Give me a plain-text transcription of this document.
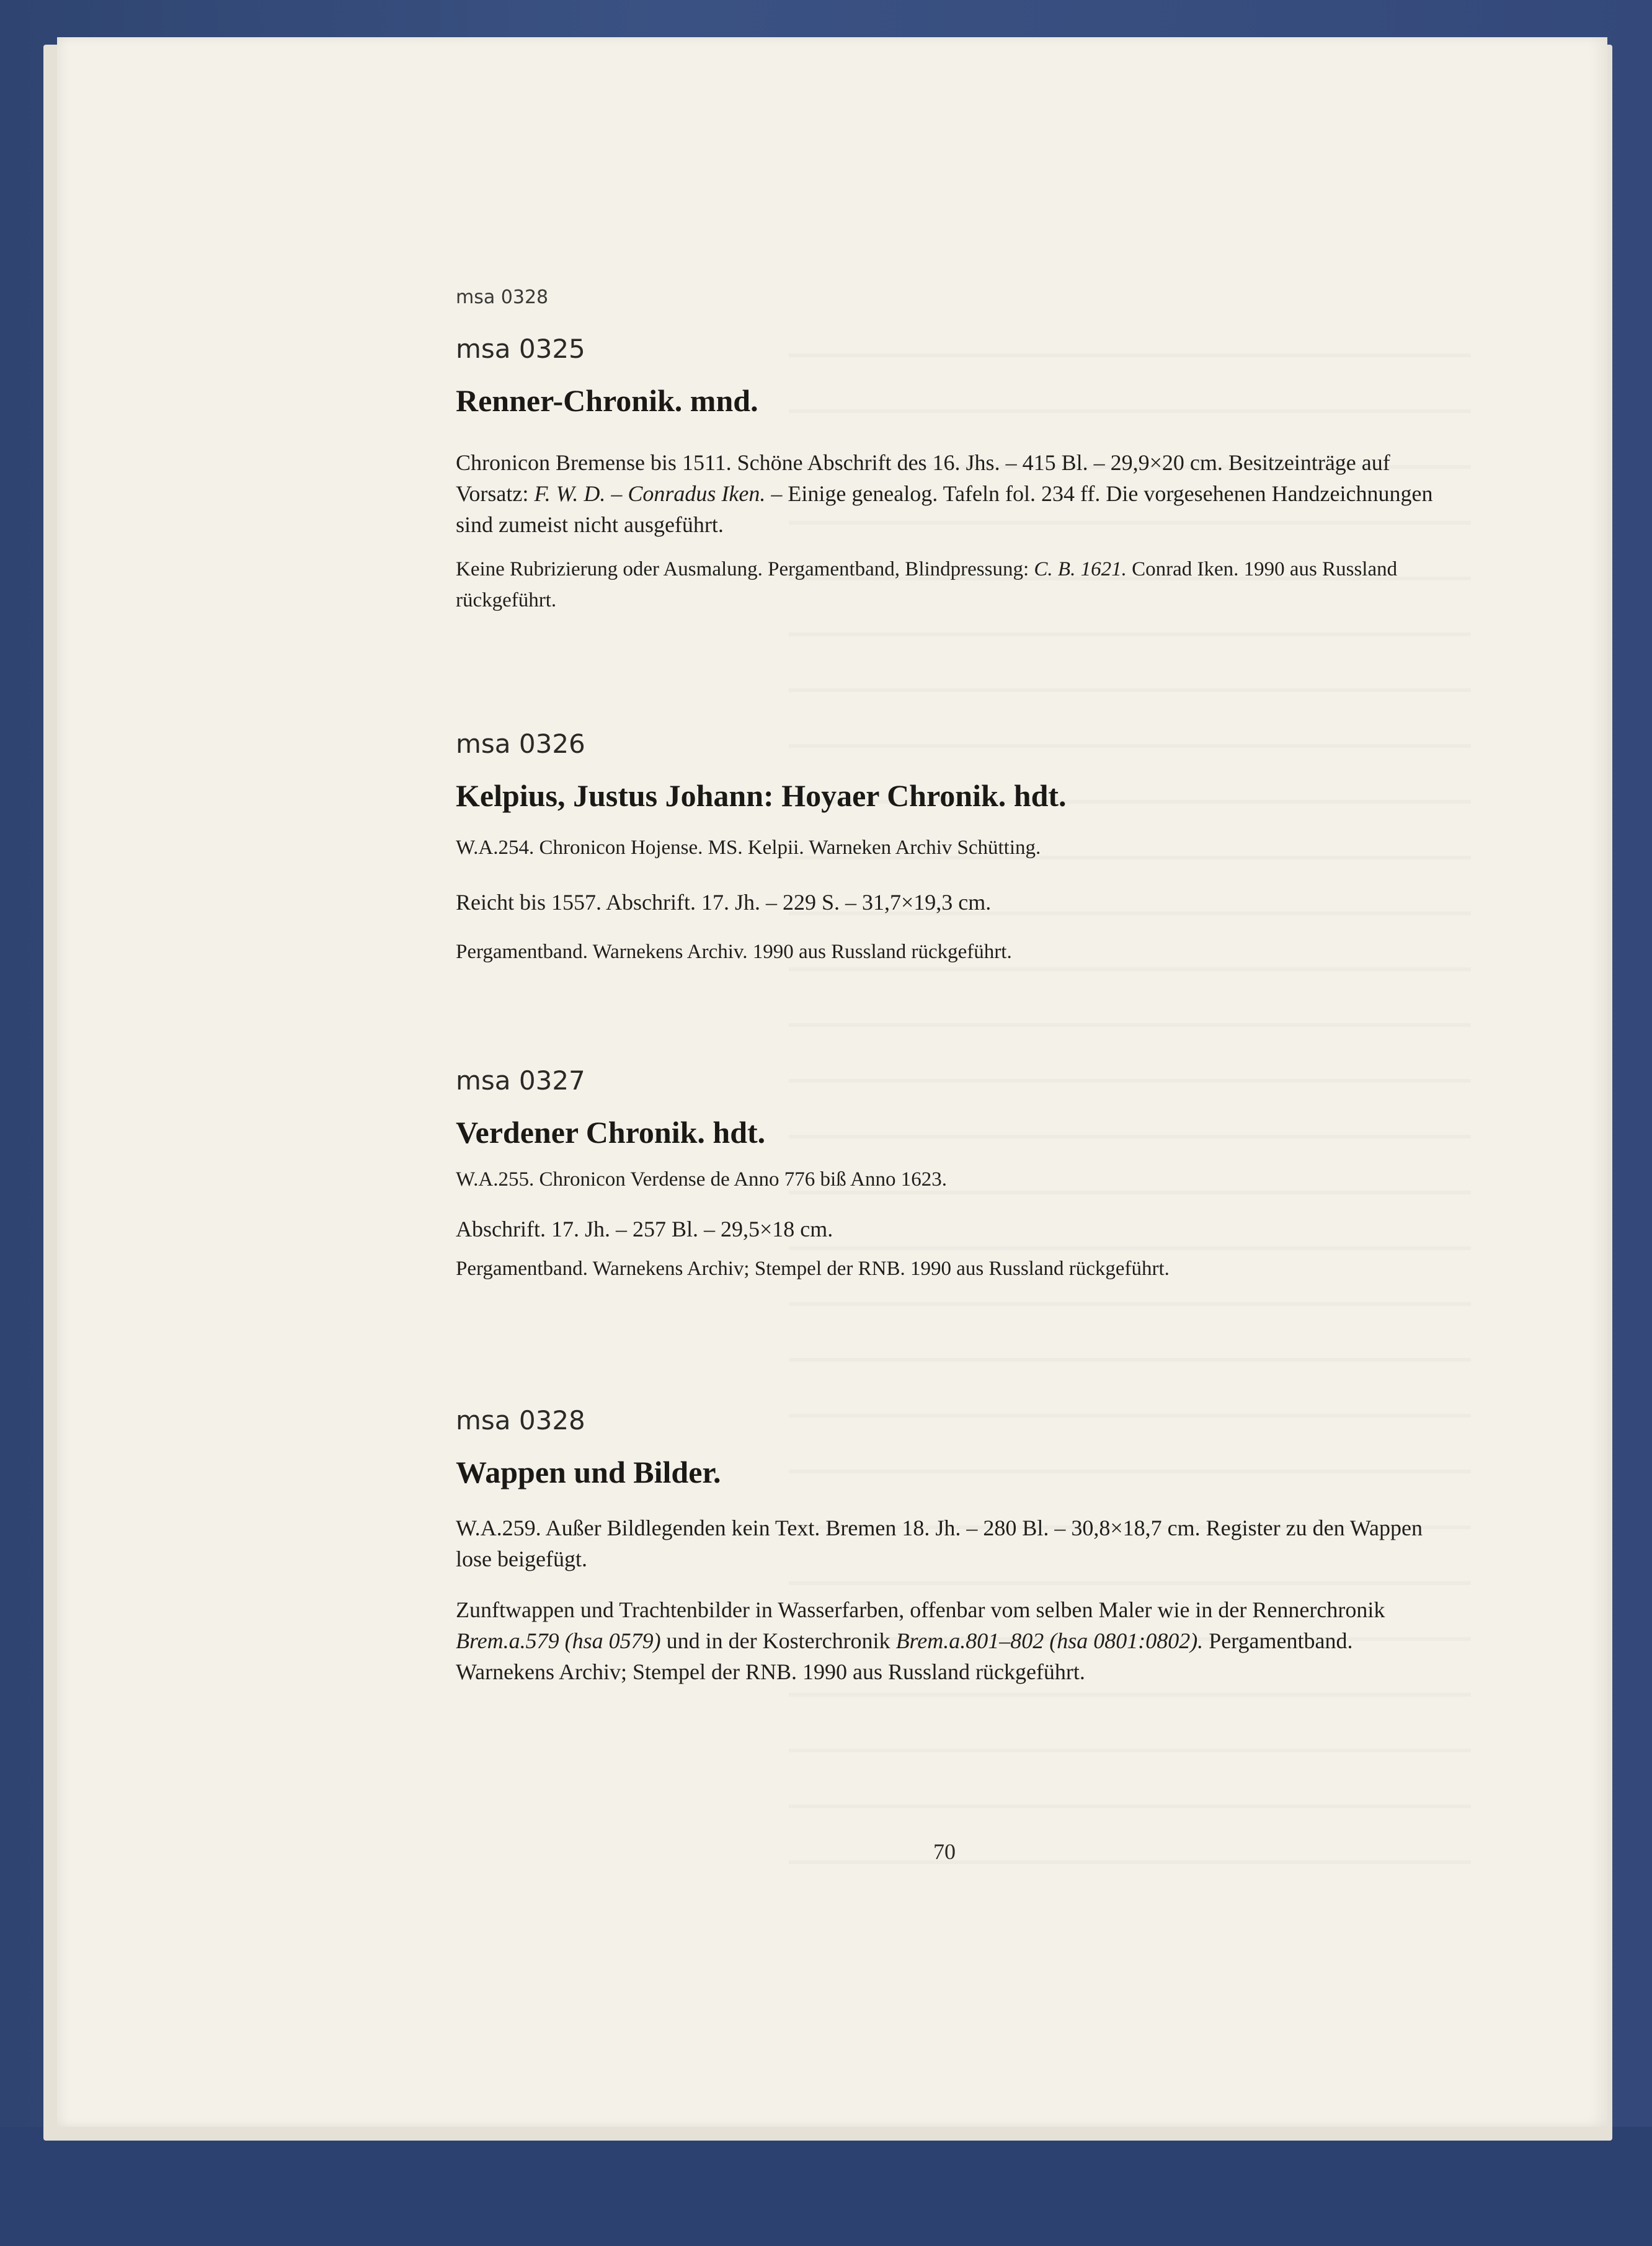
msa 0328
msa 0325
Renner-Chronik. mnd.
Chronicon Bremense bis 1511. Schöne Abschrift des 16. Jhs. – 415 Bl. – 29,9×20 cm. Besitzeinträge auf Vorsatz: F. W. D. – Conradus Iken. – Einige genealog. Tafeln fol. 234 ff. Die vorgesehenen Handzeichnungen sind zumeist nicht ausgeführt.
Keine Rubrizierung oder Ausmalung. Pergamentband, Blindpressung: C. B. 1621. Conrad Iken. 1990 aus Russland rückgeführt.
msa 0326
Kelpius, Justus Johann: Hoyaer Chronik. hdt.
W.A.254. Chronicon Hojense. MS. Kelpii. Warneken Archiv Schütting.
Reicht bis 1557. Abschrift. 17. Jh. – 229 S. – 31,7×19,3 cm.
Pergamentband. Warnekens Archiv. 1990 aus Russland rückgeführt.
msa 0327
Verdener Chronik. hdt.
W.A.255. Chronicon Verdense de Anno 776 biß Anno 1623.
Abschrift. 17. Jh. – 257 Bl. – 29,5×18 cm.
Pergamentband. Warnekens Archiv; Stempel der RNB. 1990 aus Russland rückgeführt.
msa 0328
Wappen und Bilder.
W.A.259. Außer Bildlegenden kein Text. Bremen 18. Jh. – 280 Bl. – 30,8×18,7 cm. Register zu den Wappen lose beigefügt.
Zunftwappen und Trachtenbilder in Wasserfarben, offenbar vom selben Maler wie in der Rennerchronik Brem.a.579 (hsa 0579) und in der Kosterchronik Brem.a.801–802 (hsa 0801:0802). Pergamentband. Warnekens Archiv; Stempel der RNB. 1990 aus Russland rückgeführt.
70
